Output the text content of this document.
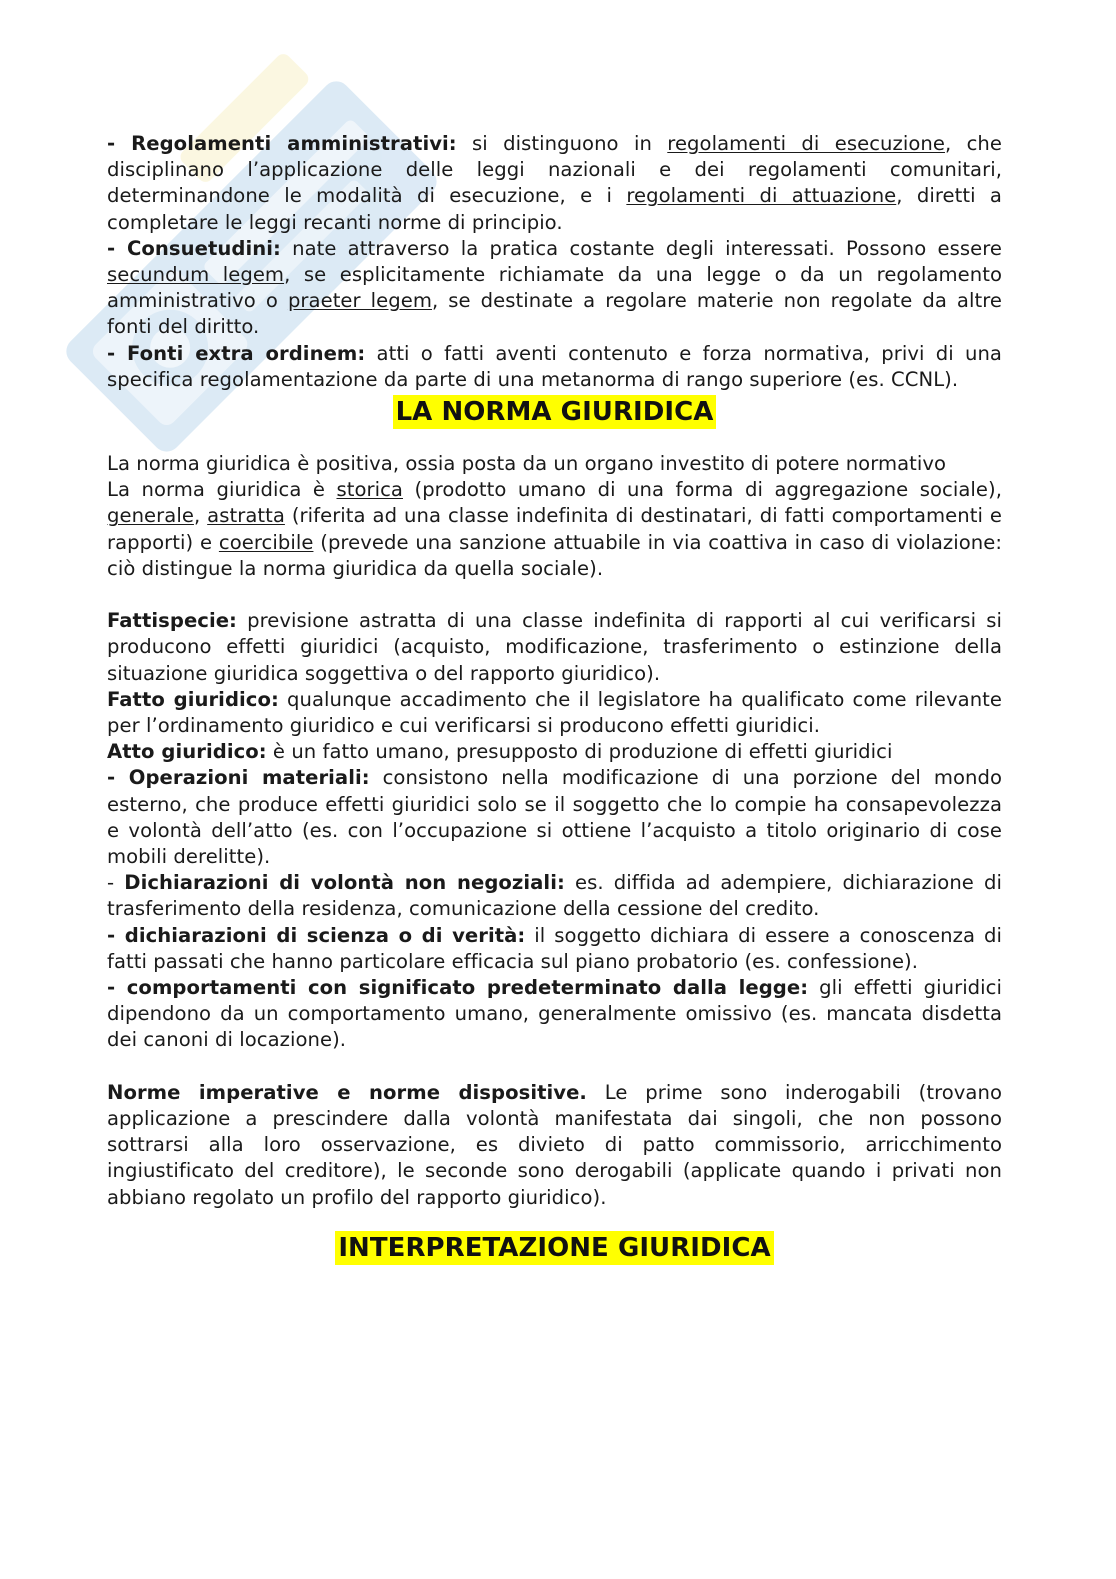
- Regolamenti amministrativi: si distinguono in regolamenti di esecuzione, che disciplinano l’applicazione delle leggi nazionali e dei regolamenti comunitari, determinandone le modalità di esecuzione, e i regolamenti di attuazione, diretti a completare le leggi recanti norme di principio.

- Consuetudini: nate attraverso la pratica costante degli interessati. Possono essere secundum legem, se esplicitamente richiamate da una legge o da un regolamento amministrativo o praeter legem, se destinate a regolare materie non regolate da altre fonti del diritto.

- Fonti extra ordinem: atti o fatti aventi contenuto e forza normativa, privi di una specifica regolamentazione da parte di una metanorma di rango superiore (es. CCNL).

LA NORMA GIURIDICA

La norma giuridica è positiva, ossia posta da un organo investito di potere normativo

La norma giuridica è storica (prodotto umano di una forma di aggregazione sociale), generale, astratta (riferita ad una classe indefinita di destinatari, di fatti comportamenti e rapporti) e coercibile (prevede una sanzione attuabile in via coattiva in caso di violazione: ciò distingue la norma giuridica da quella sociale).

Fattispecie: previsione astratta di una classe indefinita di rapporti al cui verificarsi si producono effetti giuridici (acquisto, modificazione, trasferimento o estinzione della situazione giuridica soggettiva o del rapporto giuridico).

Fatto giuridico: qualunque accadimento che il legislatore ha qualificato come rilevante per l’ordinamento giuridico e cui verificarsi si producono effetti giuridici.

Atto giuridico: è un fatto umano, presupposto di produzione di effetti giuridici

- Operazioni materiali: consistono nella modificazione di una porzione del mondo esterno, che produce effetti giuridici solo se il soggetto che lo compie ha consapevolezza e volontà dell’atto (es. con l’occupazione si ottiene l’acquisto a titolo originario di cose mobili derelitte).

- Dichiarazioni di volontà non negoziali: es. diffida ad adempiere, dichiarazione di trasferimento della residenza, comunicazione della cessione del credito.

- dichiarazioni di scienza o di verità: il soggetto dichiara di essere a conoscenza di fatti passati che hanno particolare efficacia sul piano probatorio (es. confessione).

- comportamenti con significato predeterminato dalla legge: gli effetti giuridici dipendono da un comportamento umano, generalmente omissivo (es. mancata disdetta dei canoni di locazione).

Norme imperative e norme dispositive. Le prime sono inderogabili (trovano applicazione a prescindere dalla volontà manifestata dai singoli, che non possono sottrarsi alla loro osservazione, es divieto di patto commissorio, arricchimento ingiustificato del creditore), le seconde sono derogabili (applicate quando i privati non abbiano regolato un profilo del rapporto giuridico).

INTERPRETAZIONE GIURIDICA
